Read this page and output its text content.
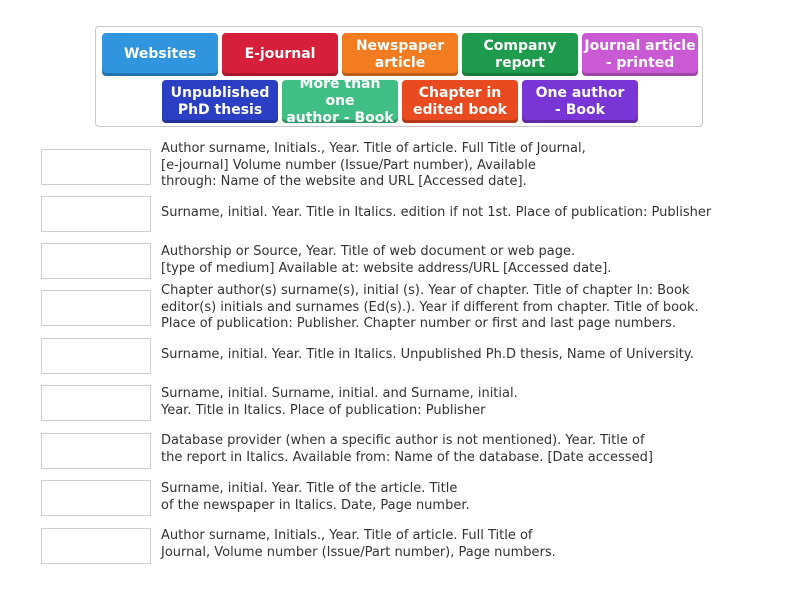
Websites	E-journal
Newspaper
article
Company
report
Journal article
- printed
Unpublished
PhD thesis
More than one
author - Book
Chapter in
edited book
One author
- Book
Author surname, Initials., Year. Title of article. Full Title of Journal,
[e-journal] Volume number (Issue/Part number), Available
through: Name of the website and URL [Accessed date].
Surname, initial. Year. Title in Italics. edition if not 1st. Place of publication: Publisher
Authorship or Source, Year. Title of web document or web page.
[type of medium] Available at: website address/URL [Accessed date].
Chapter author(s) surname(s), initial (s). Year of chapter. Title of chapter In: Book
editor(s) initials and surnames (Ed(s).). Year if different from chapter. Title of book.
Place of publication: Publisher. Chapter number or first and last page numbers.
Surname, initial. Year. Title in Italics. Unpublished Ph.D thesis, Name of University.
Surname, initial. Surname, initial. and Surname, initial.
Year. Title in Italics. Place of publication: Publisher
Database provider (when a specific author is not mentioned). Year. Title of
the report in Italics. Available from: Name of the database. [Date accessed]
Surname, initial. Year. Title of the article. Title
of the newspaper in Italics. Date, Page number.
Author surname, Initials., Year. Title of article. Full Title of
Journal, Volume number (Issue/Part number), Page numbers.
